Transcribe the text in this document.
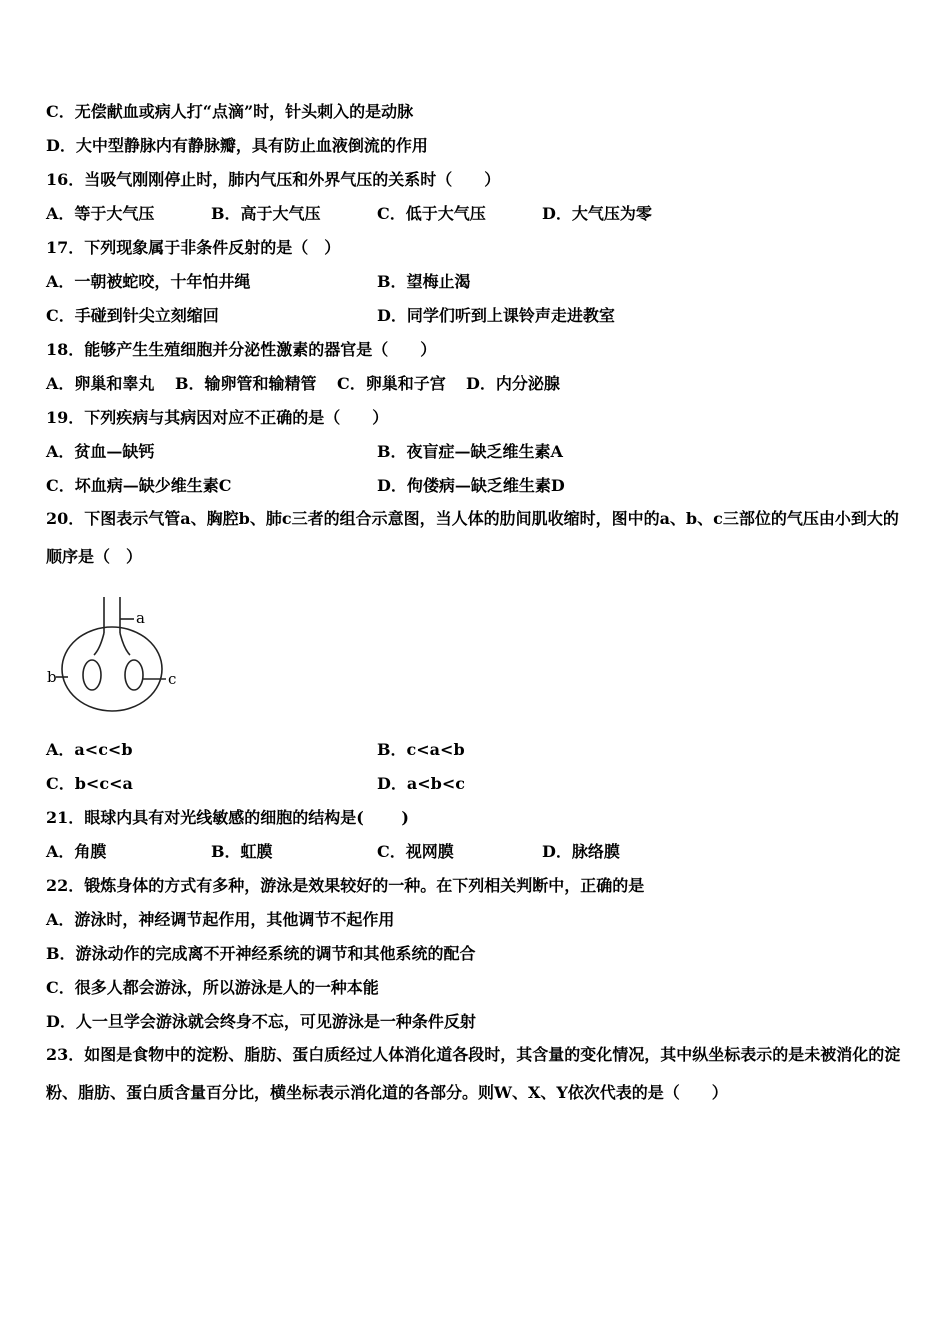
C．无偿献血或病人打“点滴”时，针头刺入的是动脉
D．大中型静脉内有静脉瓣，具有防止血液倒流的作用
16．当吸气刚刚停止时，肺内气压和外界气压的关系时（　　）
A．等于大气压	B．高于大气压	C．低于大气压	D．大气压为零
17．下列现象属于非条件反射的是（　）
A．一朝被蛇咬，十年怕井绳	B．望梅止渴
C．手碰到针尖立刻缩回	D．同学们听到上课铃声走进教室
18．能够产生生殖细胞并分泌性激素的器官是（　　）
A．卵巢和睾丸 B．输卵管和输精管 C．卵巢和子宫 D．内分泌腺
19．下列疾病与其病因对应不正确的是（　　）
A．贫血—缺钙	B．夜盲症—缺乏维生素A
C．坏血病—缺少维生素C	D．佝偻病—缺乏维生素D
20．下图表示气管a、胸腔b、肺c三者的组合示意图，当人体的肋间肌收缩时，图中的a、b、c三部位的气压由小到大的顺序是（　）
a
b	c
A．a<c<b	B．c<a<b
C．b<c<a	D．a<b<c
21．眼球内具有对光线敏感的细胞的结构是(　　 )
A．角膜	B．虹膜	C．视网膜	D．脉络膜
22．锻炼身体的方式有多种，游泳是效果较好的一种。在下列相关判断中，正确的是
A．游泳时，神经调节起作用，其他调节不起作用
B．游泳动作的完成离不开神经系统的调节和其他系统的配合
C．很多人都会游泳，所以游泳是人的一种本能
D．人一旦学会游泳就会终身不忘，可见游泳是一种条件反射
23．如图是食物中的淀粉、脂肪、蛋白质经过人体消化道各段时，其含量的变化情况，其中纵坐标表示的是未被消化的淀粉、脂肪、蛋白质含量百分比，横坐标表示消化道的各部分。则W、X、Y依次代表的是（　　）
